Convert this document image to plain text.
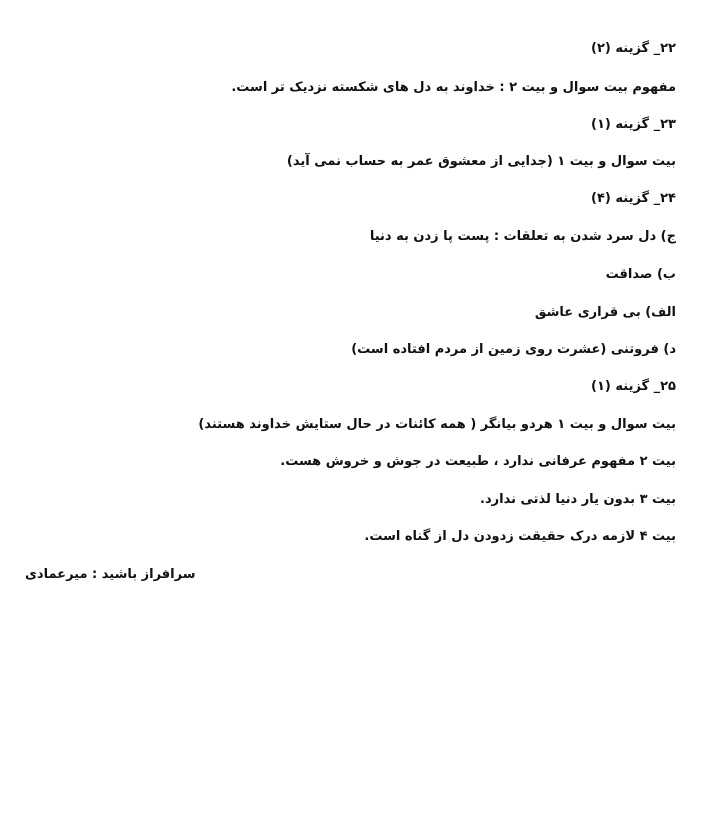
۲۲_ گزینه (۲)
مفهوم بیت سوال و بیت ۲ : خداوند به دل های شکسته نزدیک تر است.
۲۳_ گزینه (۱)
بیت سوال و بیت ۱ (جدایی از معشوق عمر به حساب نمی آید)
۲۴_ گزینه (۴)
ج) دل سرد شدن به تعلقات : پست پا زدن به دنیا
ب) صداقت
الف) بی قراری عاشق
د) فروتنی (عشرت روی زمین از مردم افتاده است)
۲۵_ گزینه (۱)
بیت سوال و بیت ۱ هردو بیانگر ( همه کائنات در حال ستایش خداوند هستند)
بیت ۲ مفهوم عرفانی ندارد ، طبیعت در جوش و خروش هست.
بیت ۳ بدون یار دنیا لذتی ندارد.
بیت ۴ لازمه درک حقیقت زدودن دل از گناه است.
سرافراز باشید : میرعمادی
